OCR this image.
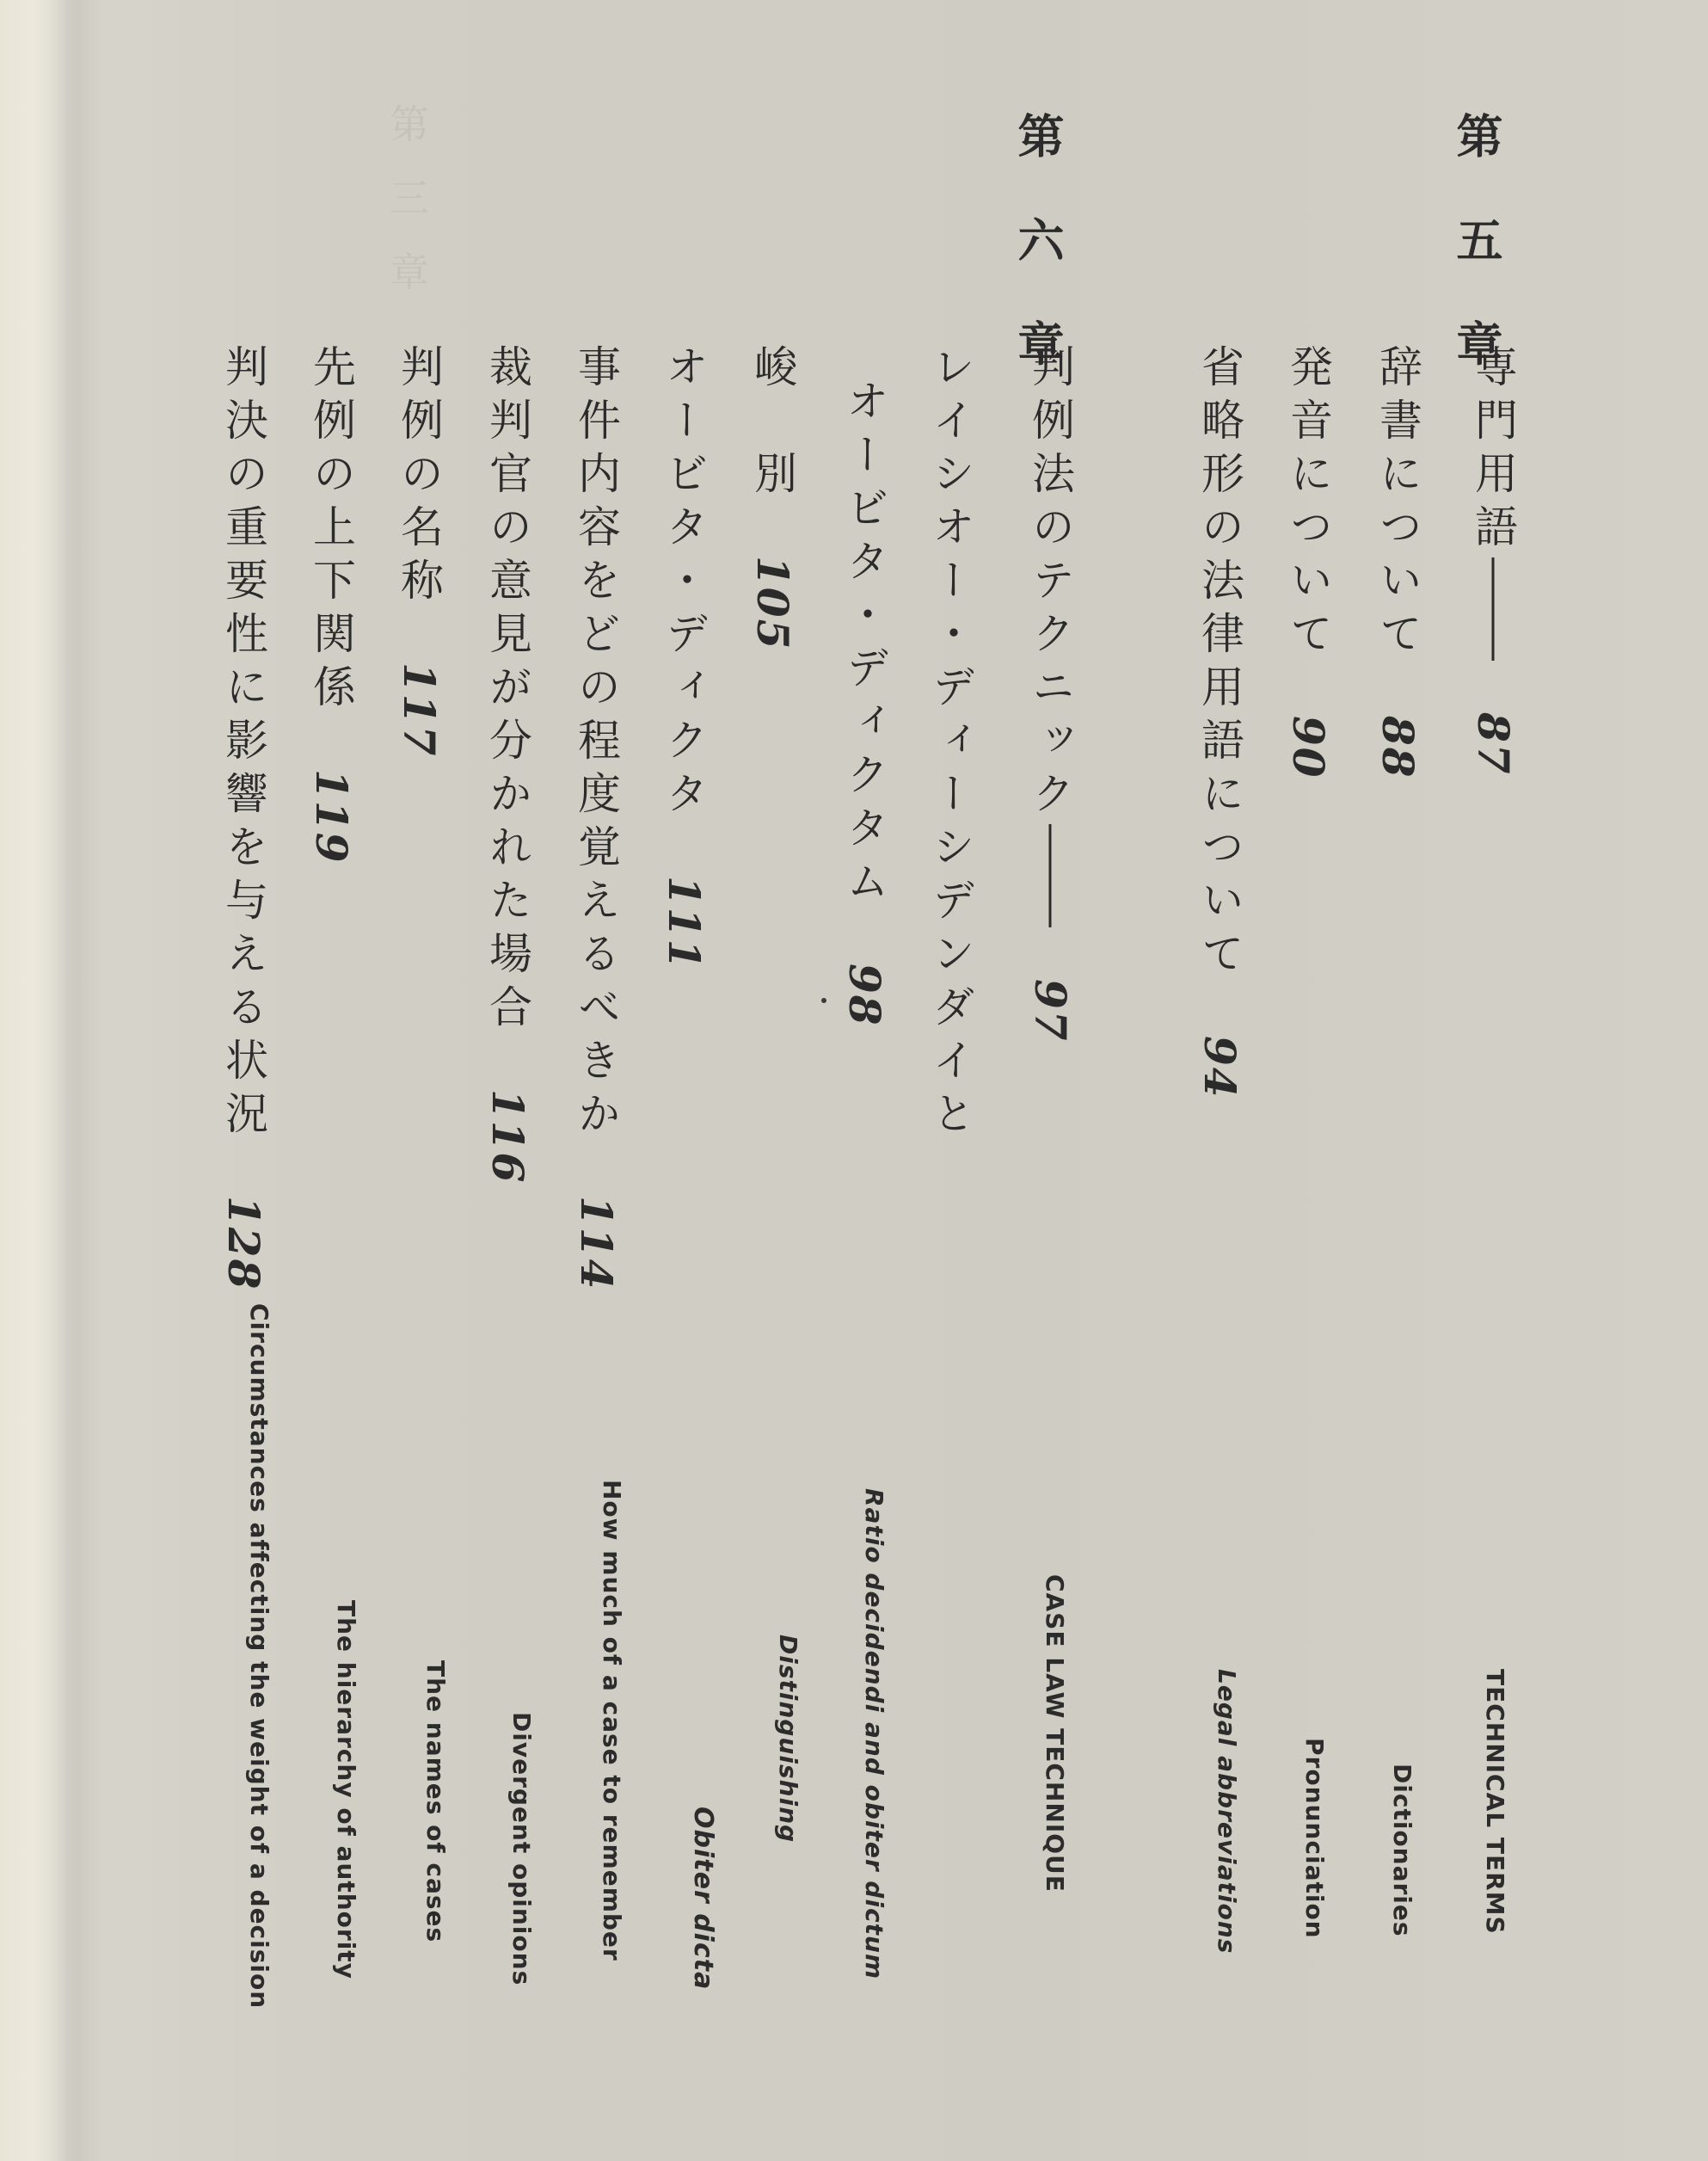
第三章	第 五 章
専門用語87
TECHNICAL TERMS
辞書について88
Dictionaries
発音について90
Pronunciation
省略形の法律用語について94
Legal abbreviations
第 六 章
判例法のテクニック97
CASE LAW TECHNIQUE
レイシオー・ディーシデンダイと
オービタ・ディクタム98
Ratio decidendi and obiter dictum
峻　別105
Distinguishing
オービタ・ディクタ111
Obiter dicta
事件内容をどの程度覚えるべきか114
How much of a case to remember
裁判官の意見が分かれた場合116
Divergent opinions
判例の名称117
The names of cases
先例の上下関係119
The hierarchy of authority
判決の重要性に影響を与える状況128
Circumstances affecting the weight of a decision
